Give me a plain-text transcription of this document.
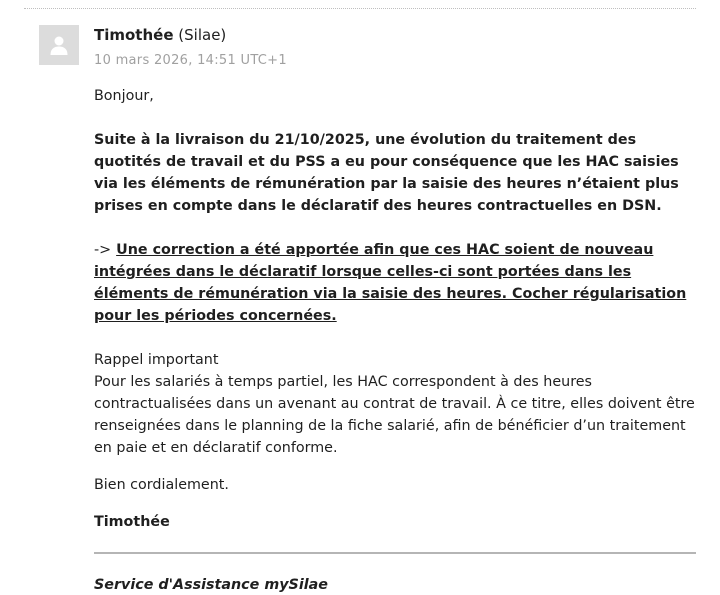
Timothée (Silae)
10 mars 2026, 14:51 UTC+1

Bonjour,

Suite à la livraison du 21/10/2025, une évolution du traitement des quotités de travail et du PSS a eu pour conséquence que les HAC saisies via les éléments de rémunération par la saisie des heures n’étaient plus prises en compte dans le déclaratif des heures contractuelles en DSN.

-> Une correction a été apportée afin que ces HAC soient de nouveau intégrées dans le déclaratif lorsque celles-ci sont portées dans les éléments de rémunération via la saisie des heures. Cocher régularisation pour les périodes concernées.

Rappel important

Pour les salariés à temps partiel, les HAC correspondent à des heures contractualisées dans un avenant au contrat de travail. À ce titre, elles doivent être renseignées dans le planning de la fiche salarié, afin de bénéficier d’un traitement en paie et en déclaratif conforme.

Bien cordialement.

Timothée
Service d'Assistance mySilae
